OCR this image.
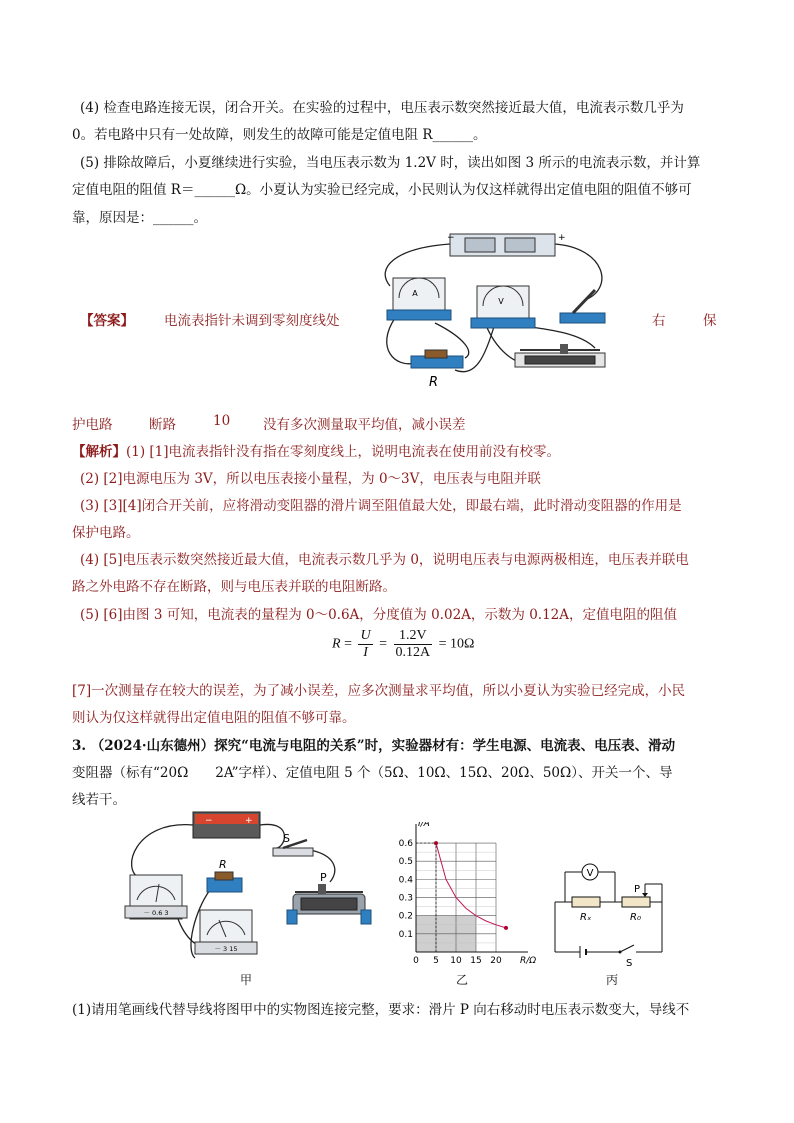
(4) 检查电路连接无误，闭合开关。在实验的过程中，电压表示数突然接近最大值，电流表示数几乎为
0。若电路中只有一处故障，则发生的故障可能是定值电阻 R______。
(5) 排除故障后，小夏继续进行实验，当电压表示数为 1.2V 时，读出如图 3 所示的电流表示数，并计算
定值电阻的阻值 R＝______Ω。小夏认为实验已经完成，小民则认为仅这样就得出定值电阻的阻值不够可
靠，原因是：______。
【答案】 电流表指针未调到零刻度线处	右	保
−	+
A
V
R
护电路	断路	10 没有多次测量取平均值，减小误差
【解析】(1) [1]电流表指针没有指在零刻度线上，说明电流表在使用前没有校零。
(2) [2]电源电压为 3V，所以电压表接小量程，为 0～3V，电压表与电阻并联
(3) [3][4]闭合开关前，应将滑动变阻器的滑片调至阻值最大处，即最右端，此时滑动变阻器的作用是
保护电路。
(4) [5]电压表示数突然接近最大值，电流表示数几乎为 0，说明电压表与电源两极相连，电压表并联电
路之外电路不存在断路，则与电压表并联的电阻断路。
(5) [6]由图 3 可知，电流表的量程为 0～0.6A，分度值为 0.02A，示数为 0.12A，定值电阻的阻值
$R = \frac{U}{I} = \frac{1.2V}{0.12A} = 10\Omega$
[7]一次测量存在较大的误差，为了减小误差，应多次测量求平均值，所以小夏认为实验已经完成，小民
则认为仅这样就得出定值电阻的阻值不够可靠。
3. （2024·山东德州）探究“电流与电阻的关系”时，实验器材有：学生电源、电流表、电压表、滑动
变阻器（标有“20Ω　　2A”字样）、定值电阻 5 个（5Ω、10Ω、15Ω、20Ω、50Ω）、开关一个、导
线若干。
−	+
－ 0.6 3
R
－ 3 15
S
P
甲
0 5 10 15 20
0.1
0.2
0.3
0.4
0.5
0.6
R/Ω
I/A
乙
V
P
Rₓ	R₀
S
丙
(1)请用笔画线代替导线将图甲中的实物图连接完整，要求：滑片 P 向右移动时电压表示数变大，导线不
